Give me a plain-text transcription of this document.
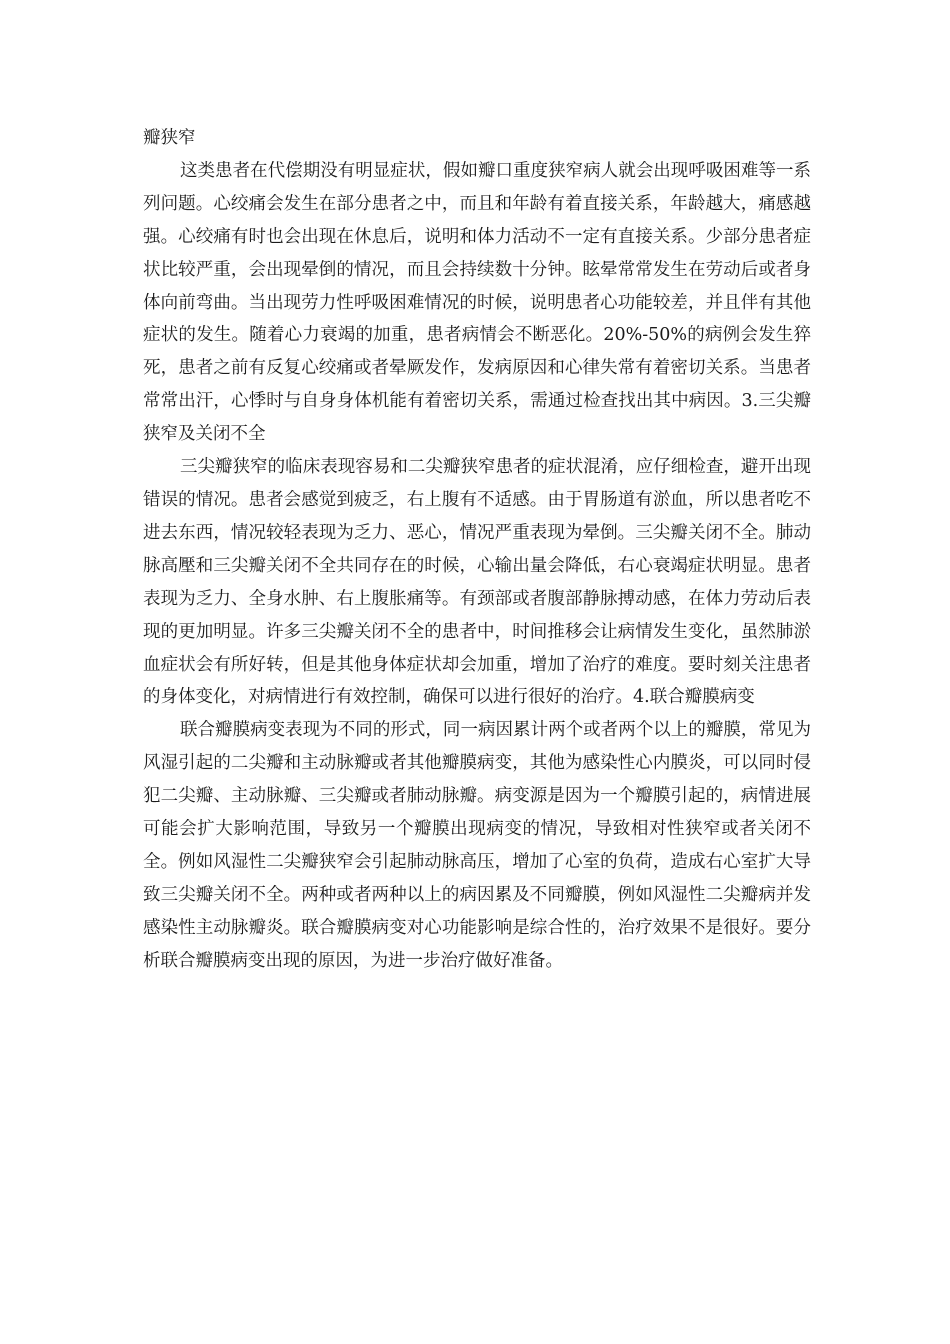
瓣狭窄

这类患者在代偿期没有明显症状，假如瓣口重度狭窄病人就会出现呼吸困难等一系列问题。心绞痛会发生在部分患者之中，而且和年龄有着直接关系，年龄越大，痛感越强。心绞痛有时也会出现在休息后，说明和体力活动不一定有直接关系。少部分患者症状比较严重，会出现晕倒的情况，而且会持续数十分钟。眩晕常常发生在劳动后或者身体向前弯曲。当出现劳力性呼吸困难情况的时候，说明患者心功能较差，并且伴有其他症状的发生。随着心力衰竭的加重，患者病情会不断恶化。20%-50%的病例会发生猝死，患者之前有反复心绞痛或者晕厥发作，发病原因和心律失常有着密切关系。当患者常常出汗，心悸时与自身身体机能有着密切关系，需通过检查找出其中病因。3.三尖瓣狭窄及关闭不全

三尖瓣狭窄的临床表现容易和二尖瓣狭窄患者的症状混淆，应仔细检查，避开出现错误的情况。患者会感觉到疲乏，右上腹有不适感。由于胃肠道有淤血，所以患者吃不进去东西，情况较轻表现为乏力、恶心，情况严重表现为晕倒。三尖瓣关闭不全。肺动脉高壓和三尖瓣关闭不全共同存在的时候，心输出量会降低，右心衰竭症状明显。患者表现为乏力、全身水肿、右上腹胀痛等。有颈部或者腹部静脉搏动感，在体力劳动后表现的更加明显。许多三尖瓣关闭不全的患者中，时间推移会让病情发生变化，虽然肺淤血症状会有所好转，但是其他身体症状却会加重，增加了治疗的难度。要时刻关注患者的身体变化，对病情进行有效控制，确保可以进行很好的治疗。4.联合瓣膜病变

联合瓣膜病变表现为不同的形式，同一病因累计两个或者两个以上的瓣膜，常见为风湿引起的二尖瓣和主动脉瓣或者其他瓣膜病变，其他为感染性心内膜炎，可以同时侵犯二尖瓣、主动脉瓣、三尖瓣或者肺动脉瓣。病变源是因为一个瓣膜引起的，病情进展可能会扩大影响范围，导致另一个瓣膜出现病变的情况，导致相对性狭窄或者关闭不全。例如风湿性二尖瓣狭窄会引起肺动脉高压，增加了心室的负荷，造成右心室扩大导致三尖瓣关闭不全。两种或者两种以上的病因累及不同瓣膜，例如风湿性二尖瓣病并发感染性主动脉瓣炎。联合瓣膜病变对心功能影响是综合性的，治疗效果不是很好。要分析联合瓣膜病变出现的原因，为进一步治疗做好准备。
